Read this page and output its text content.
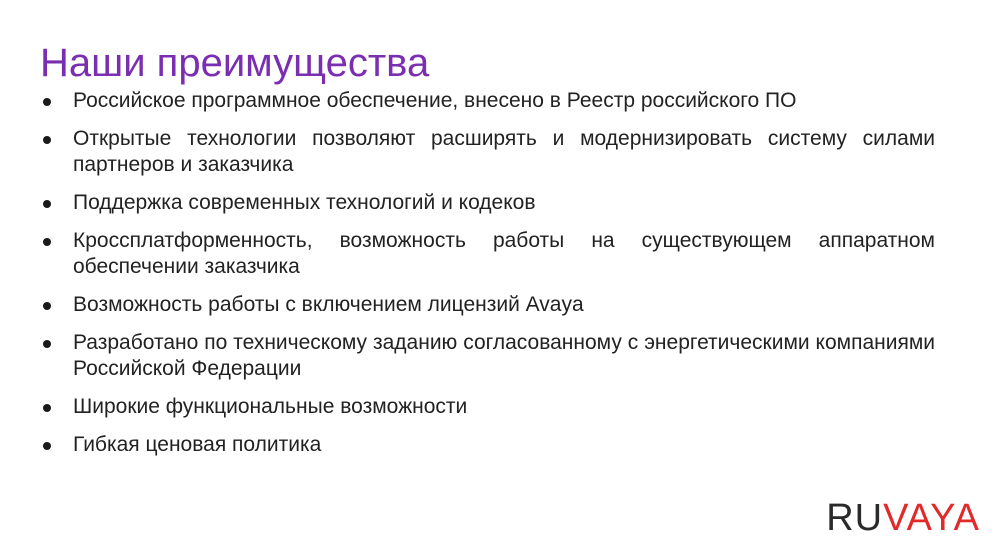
Наши преимущества
Российское программное обеспечение, внесено в Реестр российского ПО
Открытые технологии позволяют расширять и модернизировать систему силами партнеров и заказчика
Поддержка современных технологий и кодеков
Кроссплатформенность, возможность работы на существующем аппаратном обеспечении заказчика
Возможность работы с включением лицензий Avaya
Разработано по техническому заданию согласованному с энергетическими компаниями Российской Федерации
Широкие функциональные возможности
Гибкая ценовая политика
RUVAYA
